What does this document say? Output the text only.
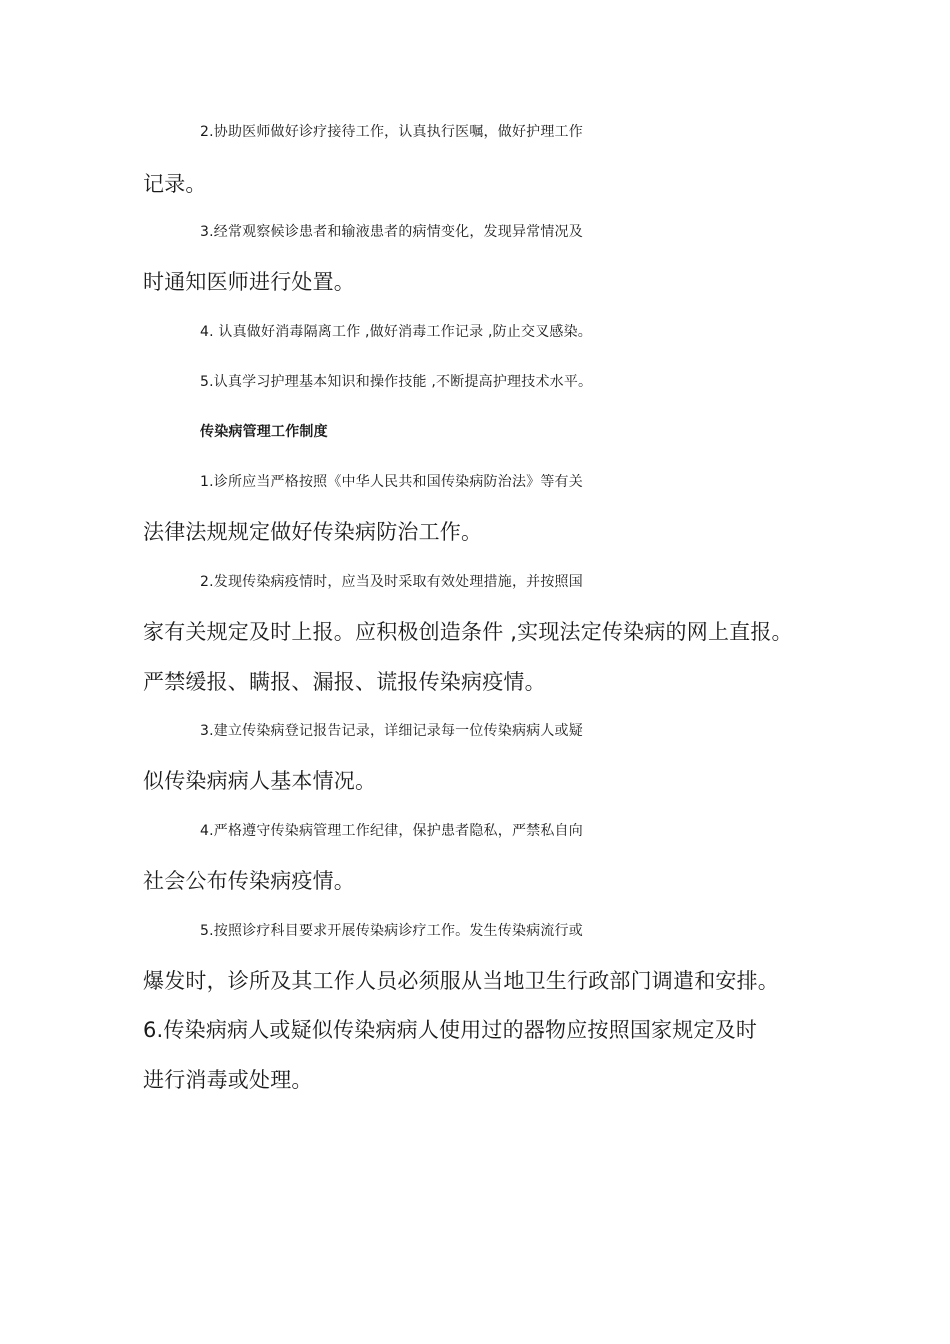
2.协助医师做好诊疗接待工作，认真执行医嘱，做好护理工作
记录。
3.经常观察候诊患者和输液患者的病情变化，发现异常情况及
时通知医师进行处置。
4. 认真做好消毒隔离工作 ,做好消毒工作记录 ,防止交叉感染。
5.认真学习护理基本知识和操作技能 ,不断提高护理技术水平。
传染病管理工作制度
1.诊所应当严格按照《中华人民共和国传染病防治法》等有关
法律法规规定做好传染病防治工作。
2.发现传染病疫情时，应当及时采取有效处理措施，并按照国
家有关规定及时上报。应积极创造条件 ,实现法定传染病的网上直报。
严禁缓报、瞒报、漏报、谎报传染病疫情。
3.建立传染病登记报告记录，详细记录每一位传染病病人或疑
似传染病病人基本情况。
4.严格遵守传染病管理工作纪律，保护患者隐私，严禁私自向
社会公布传染病疫情。
5.按照诊疗科目要求开展传染病诊疗工作。发生传染病流行或
爆发时，诊所及其工作人员必须服从当地卫生行政部门调遣和安排。
6.传染病病人或疑似传染病病人使用过的器物应按照国家规定及时
进行消毒或处理。
